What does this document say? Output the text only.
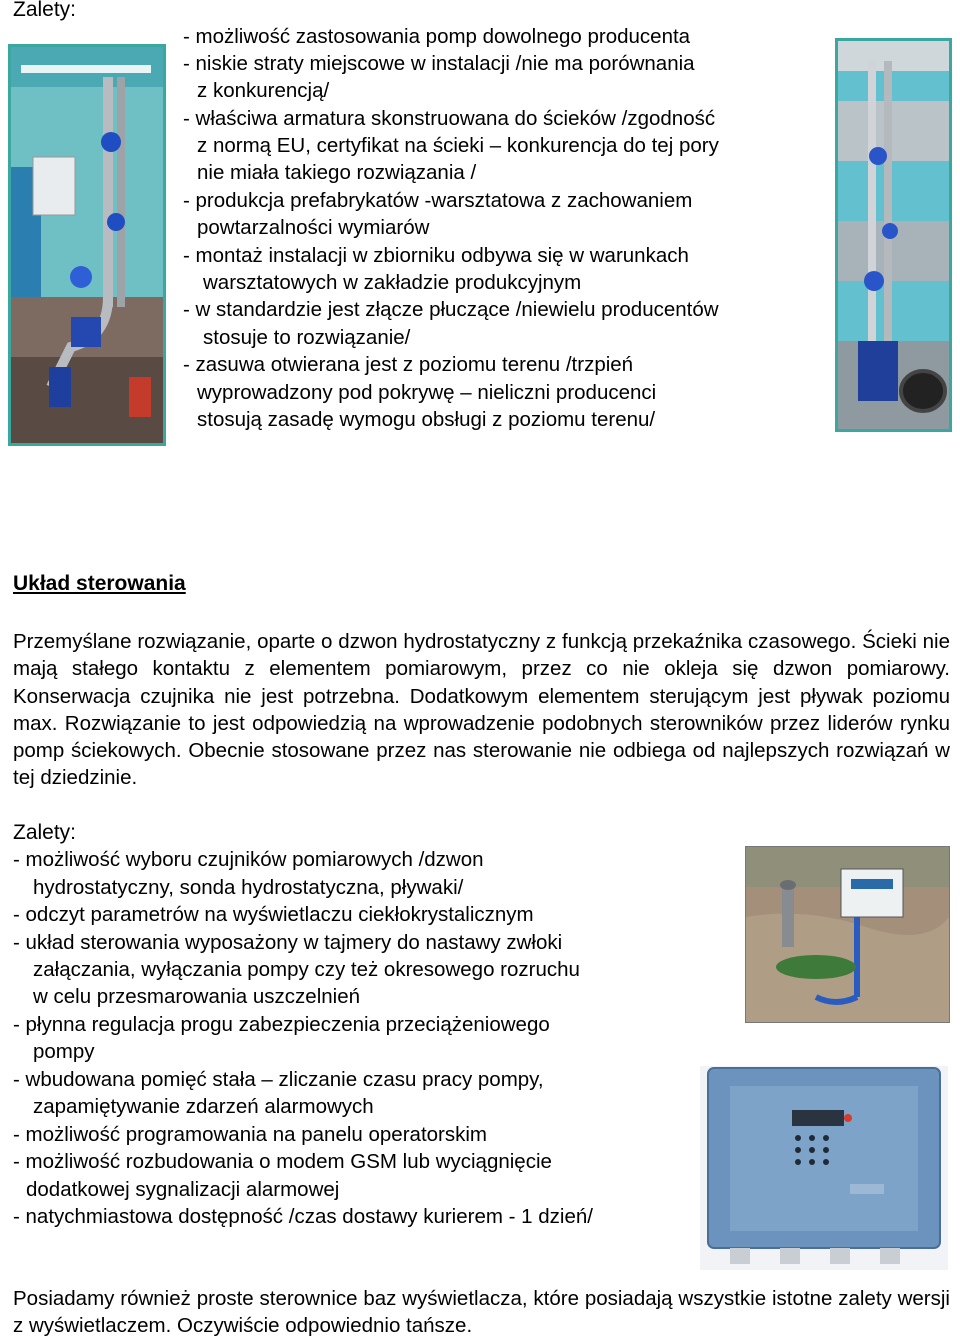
Zalety:
- możliwość zastosowania pomp dowolnego producenta
- niskie straty miejscowe w instalacji /nie ma porównania
z konkurencją/
- właściwa armatura skonstruowana do ścieków /zgodność
z normą EU, certyfikat na ścieki – konkurencja do tej pory
nie miała takiego rozwiązania /
- produkcja prefabrykatów -warsztatowa z zachowaniem
powtarzalności wymiarów
- montaż instalacji w zbiorniku odbywa się w warunkach
warsztatowych w zakładzie produkcyjnym
- w standardzie jest złącze płuczące /niewielu producentów
stosuje to rozwiązanie/
- zasuwa otwierana jest z poziomu terenu /trzpień
wyprowadzony pod pokrywę – nieliczni producenci
stosują zasadę wymogu obsługi z poziomu terenu/
Układ sterowania
Przemyślane rozwiązanie, oparte o dzwon hydrostatyczny z funkcją przekaźnika czasowego. Ścieki nie mają stałego kontaktu z elementem pomiarowym, przez co nie okleja się dzwon pomiarowy. Konserwacja czujnika nie jest potrzebna. Dodatkowym elementem sterującym jest pływak poziomu max. Rozwiązanie to jest odpowiedzią na wprowadzenie podobnych sterowników przez liderów rynku pomp ściekowych. Obecnie stosowane przez nas sterowanie nie odbiega od najlepszych rozwiązań w tej dziedzinie.
Zalety:
- możliwość wyboru czujników pomiarowych /dzwon
hydrostatyczny, sonda hydrostatyczna, pływaki/
- odczyt parametrów na wyświetlaczu ciekłokrystalicznym
- układ sterowania wyposażony w tajmery do nastawy zwłoki
załączania, wyłączania pompy czy też okresowego rozruchu
w celu przesmarowania uszczelnień
- płynna regulacja progu zabezpieczenia przeciążeniowego
pompy
- wbudowana pomięć stała – zliczanie czasu pracy pompy,
zapamiętywanie zdarzeń alarmowych
- możliwość programowania na panelu operatorskim
- możliwość rozbudowania o modem GSM lub wyciągnięcie
dodatkowej sygnalizacji alarmowej
- natychmiastowa dostępność /czas dostawy kurierem - 1 dzień/
Posiadamy również proste sterownice baz wyświetlacza, które posiadają wszystkie istotne zalety wersji z wyświetlaczem. Oczywiście odpowiednio tańsze.
